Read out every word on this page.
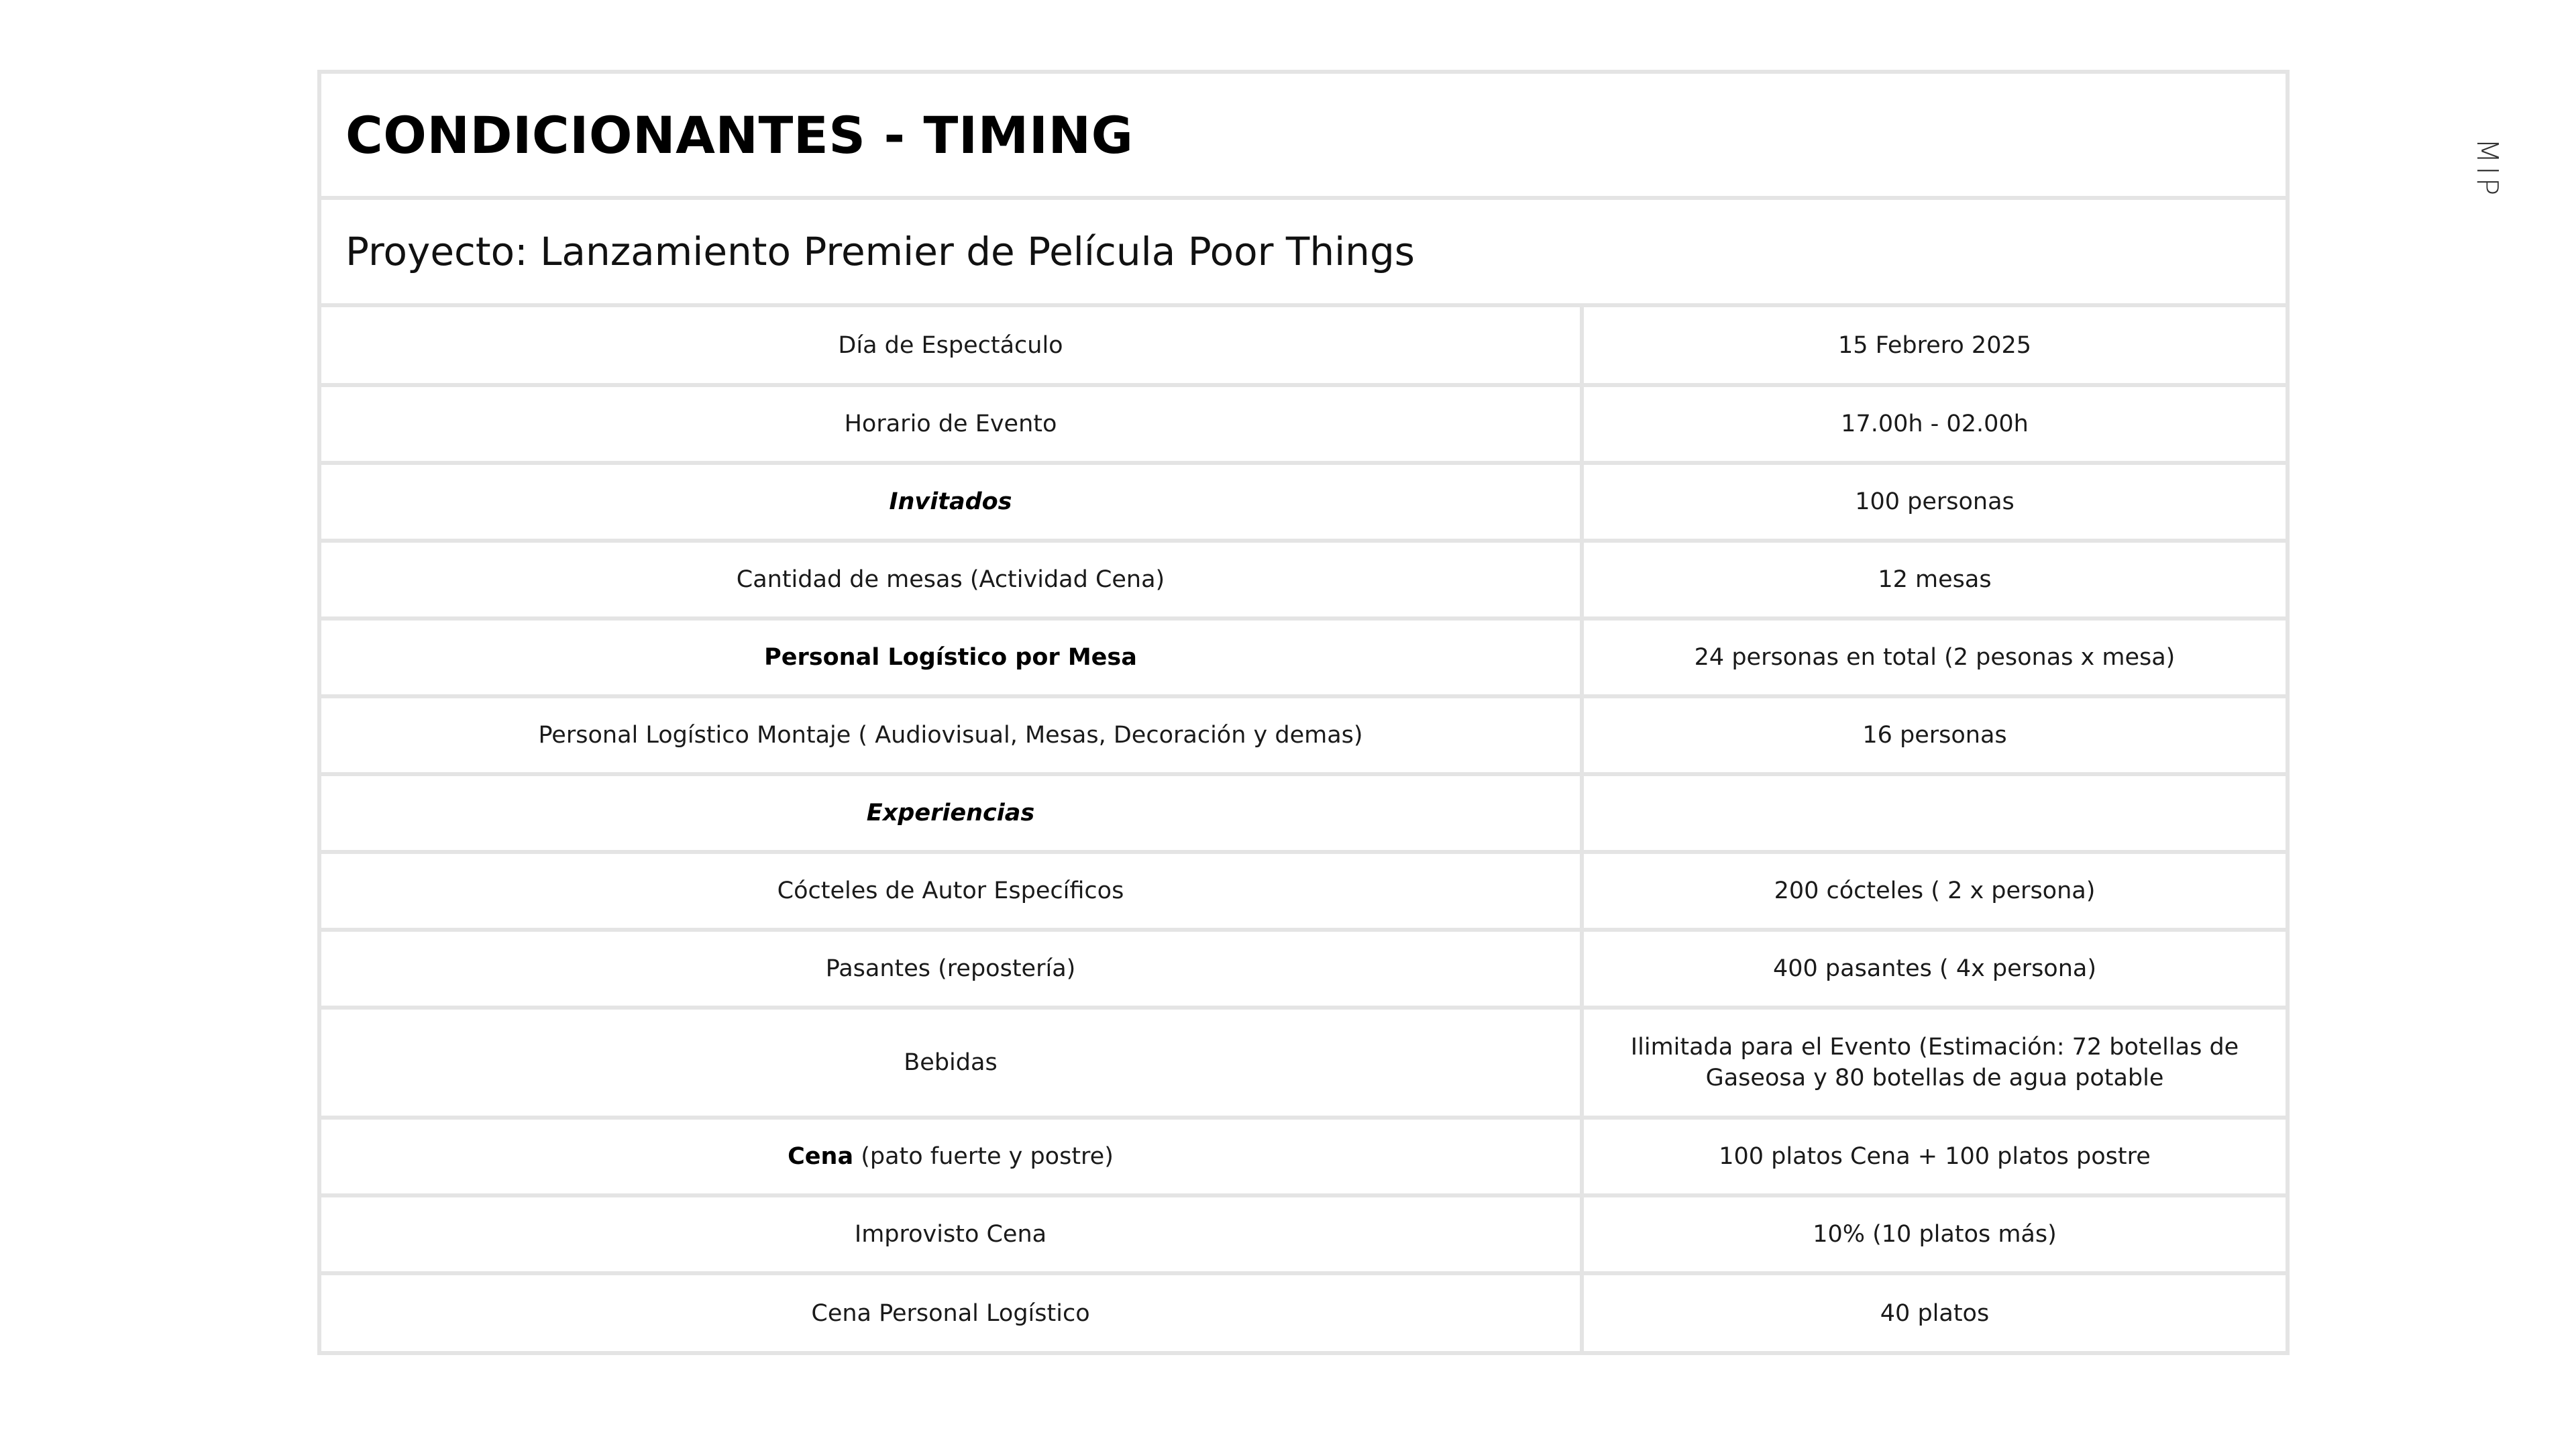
CONDICIONANTES - TIMING
Proyecto: Lanzamiento Premier de Película Poor Things
Día de Espectáculo	15 Febrero 2025
Horario de Evento	17.00h - 02.00h
Invitados	100 personas
Cantidad de mesas (Actividad Cena)	12 mesas
Personal Logístico por Mesa	24 personas en total (2 pesonas x mesa)
Personal Logístico Montaje ( Audiovisual, Mesas, Decoración y demas)	16 personas
Experiencias	
Cócteles de Autor Específicos	200 cócteles ( 2 x persona)
Pasantes (repostería)	400 pasantes ( 4x persona)
Bebidas	Ilimitada para el Evento (Estimación: 72 botellas de
Gaseosa y 80 botellas de agua potable
Cena (pato fuerte y postre)	100 platos Cena + 100 platos postre
Improvisto Cena	10% (10 platos más)
Cena Personal Logístico	40 platos
MIP
